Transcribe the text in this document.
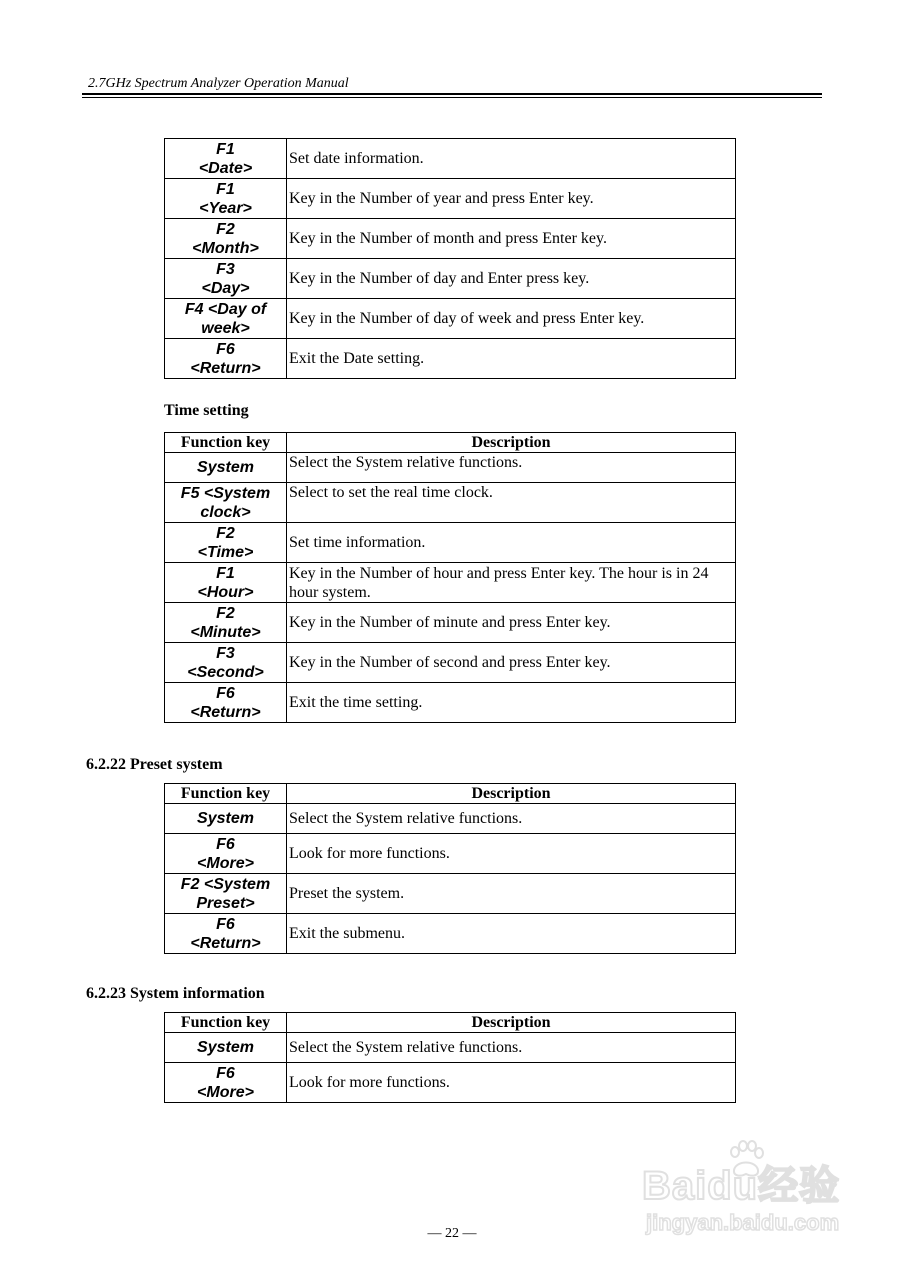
2.7GHz Spectrum Analyzer Operation Manual
F1
<Date>	Set date information.
F1
<Year>	Key in the Number of year and press Enter key.
F2
<Month>	Key in the Number of month and press Enter key.
F3
<Day>	Key in the Number of day and Enter press key.
F4 <Day of
week>	Key in the Number of day of week and press Enter key.
F6
<Return>	Exit the Date setting.
Time setting
Function key	Description
System	Select the System relative functions.
F5 <System
clock>	Select to set the real time clock.
F2
<Time>	Set time information.
F1
<Hour>	Key in the Number of hour and press Enter key. The hour is in 24 hour system.
F2
<Minute>	Key in the Number of minute and press Enter key.
F3
<Second>	Key in the Number of second and press Enter key.
F6
<Return>	Exit the time setting.
6.2.22 Preset system
Function key	Description
System	Select the System relative functions.
F6
<More>	Look for more functions.
F2 <System
Preset>	Preset the system.
F6
<Return>	Exit the submenu.
6.2.23 System information
Function key	Description
System	Select the System relative functions.
F6
<More>	Look for more functions.
Baidu经验
jingyan.baidu.com
— 22 —
